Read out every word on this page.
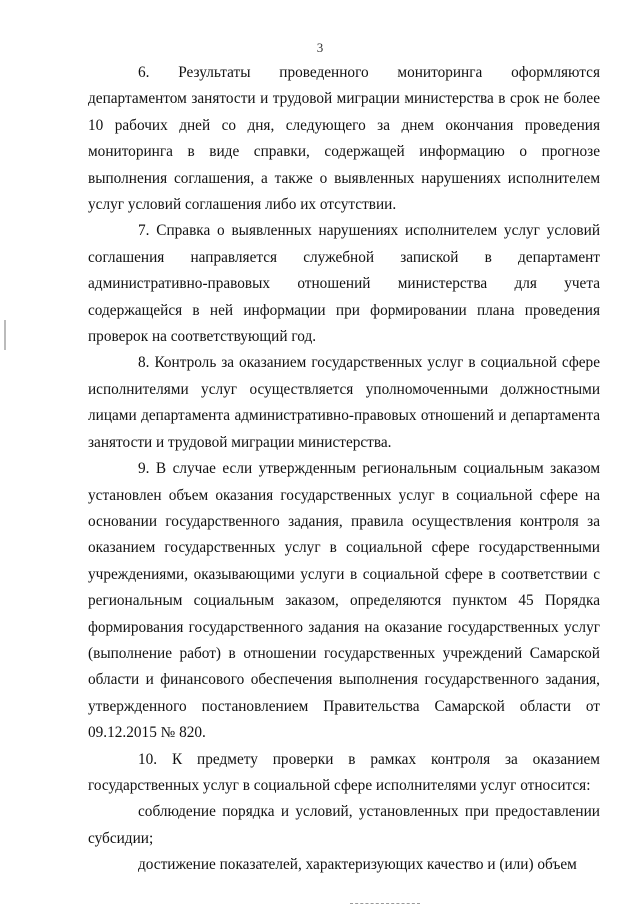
3

6. Результаты проведенного мониторинга оформляются департаментом занятости и трудовой миграции министерства в срок не более 10 рабочих дней со дня, следующего за днем окончания проведения мониторинга в виде справки, содержащей информацию о прогнозе выполнения соглашения, а также о выявленных нарушениях исполнителем услуг условий соглашения либо их отсутствии.

7. Справка о выявленных нарушениях исполнителем услуг условий соглашения направляется служебной запиской в департамент административно-правовых отношений министерства для учета содержащейся в ней информации при формировании плана проведения проверок на соответствующий год.

8. Контроль за оказанием государственных услуг в социальной сфере исполнителями услуг осуществляется уполномоченными должностными лицами департамента административно-правовых отношений и департамента занятости и трудовой миграции министерства.

9. В случае если утвержденным региональным социальным заказом установлен объем оказания государственных услуг в социальной сфере на основании государственного задания, правила осуществления контроля за оказанием государственных услуг в социальной сфере государственными учреждениями, оказывающими услуги в социальной сфере в соответствии с региональным социальным заказом, определяются пунктом 45 Порядка формирования государственного задания на оказание государственных услуг (выполнение работ) в отношении государственных учреждений Самарской области и финансового обеспечения выполнения государственного задания, утвержденного постановлением Правительства Самарской области от 09.12.2015 № 820.

10. К предмету проверки в рамках контроля за оказанием государственных услуг в социальной сфере исполнителями услуг относится:

соблюдение порядка и условий, установленных при предоставлении субсидии;

достижение показателей, характеризующих качество и (или) объем
